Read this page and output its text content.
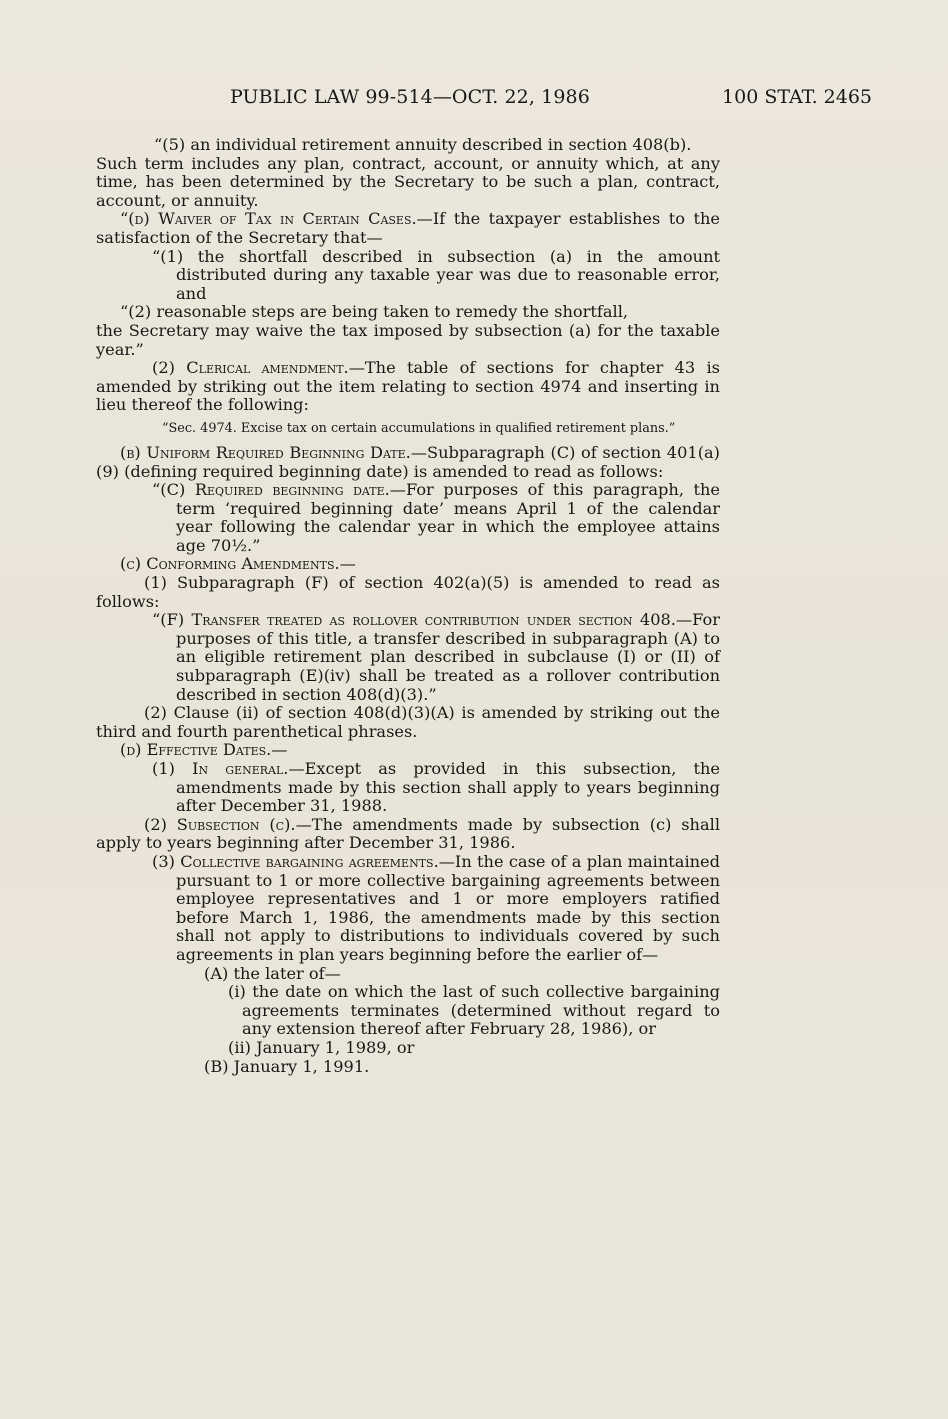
PUBLIC LAW 99-514—OCT. 22, 1986	100 STAT. 2465

“(5) an individual retirement annuity described in section 408(b).

Such term includes any plan, contract, account, or annuity which, at any time, has been determined by the Secretary to be such a plan, contract, account, or annuity.

“(d) Waiver of Tax in Certain Cases.—If the taxpayer establishes to the satisfaction of the Secretary that—

“(1) the shortfall described in subsection (a) in the amount distributed during any taxable year was due to reasonable error, and

“(2) reasonable steps are being taken to remedy the shortfall,

the Secretary may waive the tax imposed by subsection (a) for the taxable year.”

(2) Clerical amendment.—The table of sections for chapter 43 is amended by striking out the item relating to section 4974 and inserting in lieu thereof the following:

“Sec. 4974. Excise tax on certain accumulations in qualified retirement plans.”

(b) Uniform Required Beginning Date.—Subparagraph (C) of section 401(a)(9) (defining required beginning date) is amended to read as follows:

“(C) Required beginning date.—For purposes of this paragraph, the term ‘required beginning date’ means April 1 of the calendar year following the calendar year in which the employee attains age 70½.”

(c) Conforming Amendments.—

(1) Subparagraph (F) of section 402(a)(5) is amended to read as follows:

“(F) Transfer treated as rollover contribution under section 408.—For purposes of this title, a transfer described in subparagraph (A) to an eligible retirement plan described in subclause (I) or (II) of subparagraph (E)(iv) shall be treated as a rollover contribution described in section 408(d)(3).”

(2) Clause (ii) of section 408(d)(3)(A) is amended by striking out the third and fourth parenthetical phrases.

(d) Effective Dates.—

(1) In general.—Except as provided in this subsection, the amendments made by this section shall apply to years beginning after December 31, 1988.

(2) Subsection (c).—The amendments made by subsection (c) shall apply to years beginning after December 31, 1986.

(3) Collective bargaining agreements.—In the case of a plan maintained pursuant to 1 or more collective bargaining agreements between employee representatives and 1 or more employers ratified before March 1, 1986, the amendments made by this section shall not apply to distributions to individuals covered by such agreements in plan years beginning before the earlier of—

(A) the later of—

(i) the date on which the last of such collective bargaining agreements terminates (determined without regard to any extension thereof after February 28, 1986), or

(ii) January 1, 1989, or

(B) January 1, 1991.
